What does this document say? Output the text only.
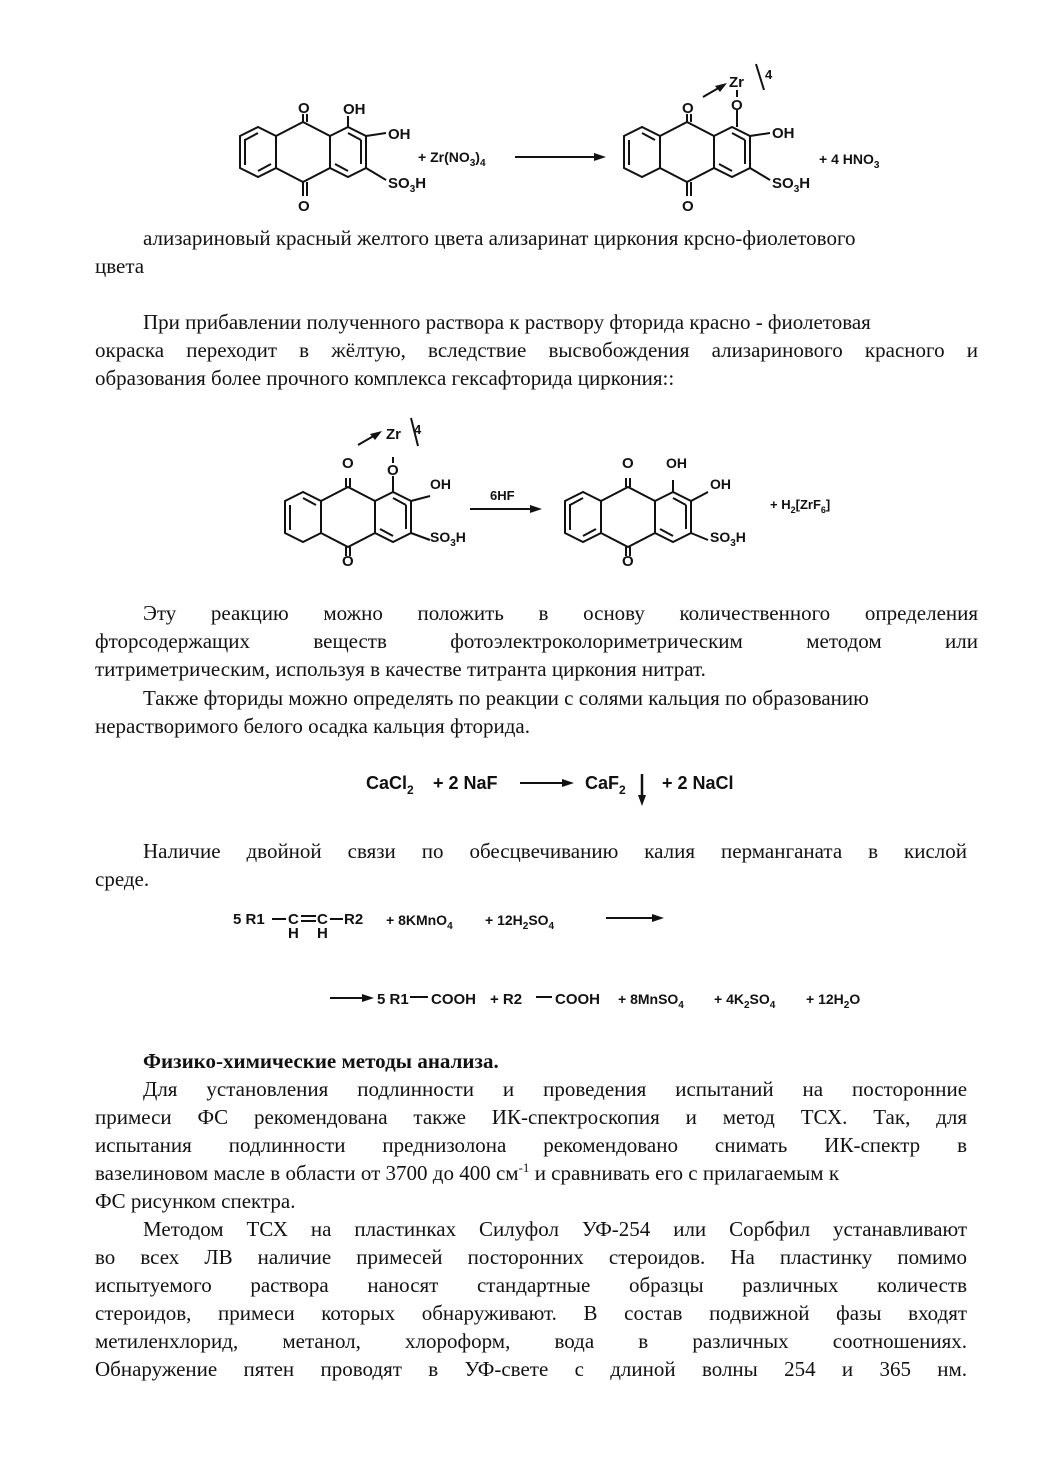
O
O
OH
OH
$SO_3H$
+ $Zr(NO_3)_4$
Zr 4
O
O
O
OH
$SO_3H$
+ 4 $HNO_3$
ализариновый красный желтого цвета ализаринат циркония крсно-фиолетового
цвета
При прибавлении полученного раствора к раствору фторида красно - фиолетовая
окраска переходит в жёлтую, вследствие высвобождения ализаринового красного и
образования более прочного комплекса гексафторида циркония::
Zr 4
O
O
O
OH
$SO_3H$
6HF
O
O
OH
OH
$SO_3H$
+ $H_2[ZrF_6]$
Эту реакцию можно положить в основу количественного определения
фторсодержащих	веществ	фотоэлектроколориметрическим	методом	или
титриметрическим, используя в качестве титранта циркония нитрат.
Также фториды можно определять по реакции с солями кальция по образованию
нерастворимого белого осадка кальция фторида.
CaCl$_2$ + 2 NaF	CaF$_2$ + 2 NaCl
Наличие двойной связи по обесцвечиванию калия перманганата в кислой
среде.
5 R1 C C R2
H H
+ 8KMnO$_4$ + $12H_2SO_4$
5 R1 COOH + R2 COOH + 8MnSO$_4$ + $4K_2SO_4 + 12H_2O$
Физико-химические методы анализа.
Для установления подлинности и проведения испытаний на посторонние
примеси ФС рекомендована также ИК-спектроскопия и метод ТСХ. Так, для
испытания подлинности преднизолона рекомендовано снимать ИК-спектр в
вазелиновом масле в области от 3700 до 400 $см^{-1}$ и сравнивать его с прилагаемым к
ФС рисунком спектра.
Методом ТСХ на пластинках Силуфол УФ-254 или Сорбфил устанавливают
во всех ЛВ наличие примесей посторонних стероидов. На пластинку помимо
испытуемого раствора наносят стандартные образцы различных количеств
стероидов, примеси которых обнаруживают. В состав подвижной фазы входят
метиленхлорид, метанол, хлороформ, вода в различных соотношениях.
Обнаружение пятен проводят в УФ-свете с длиной волны 254 и 365 нм.
